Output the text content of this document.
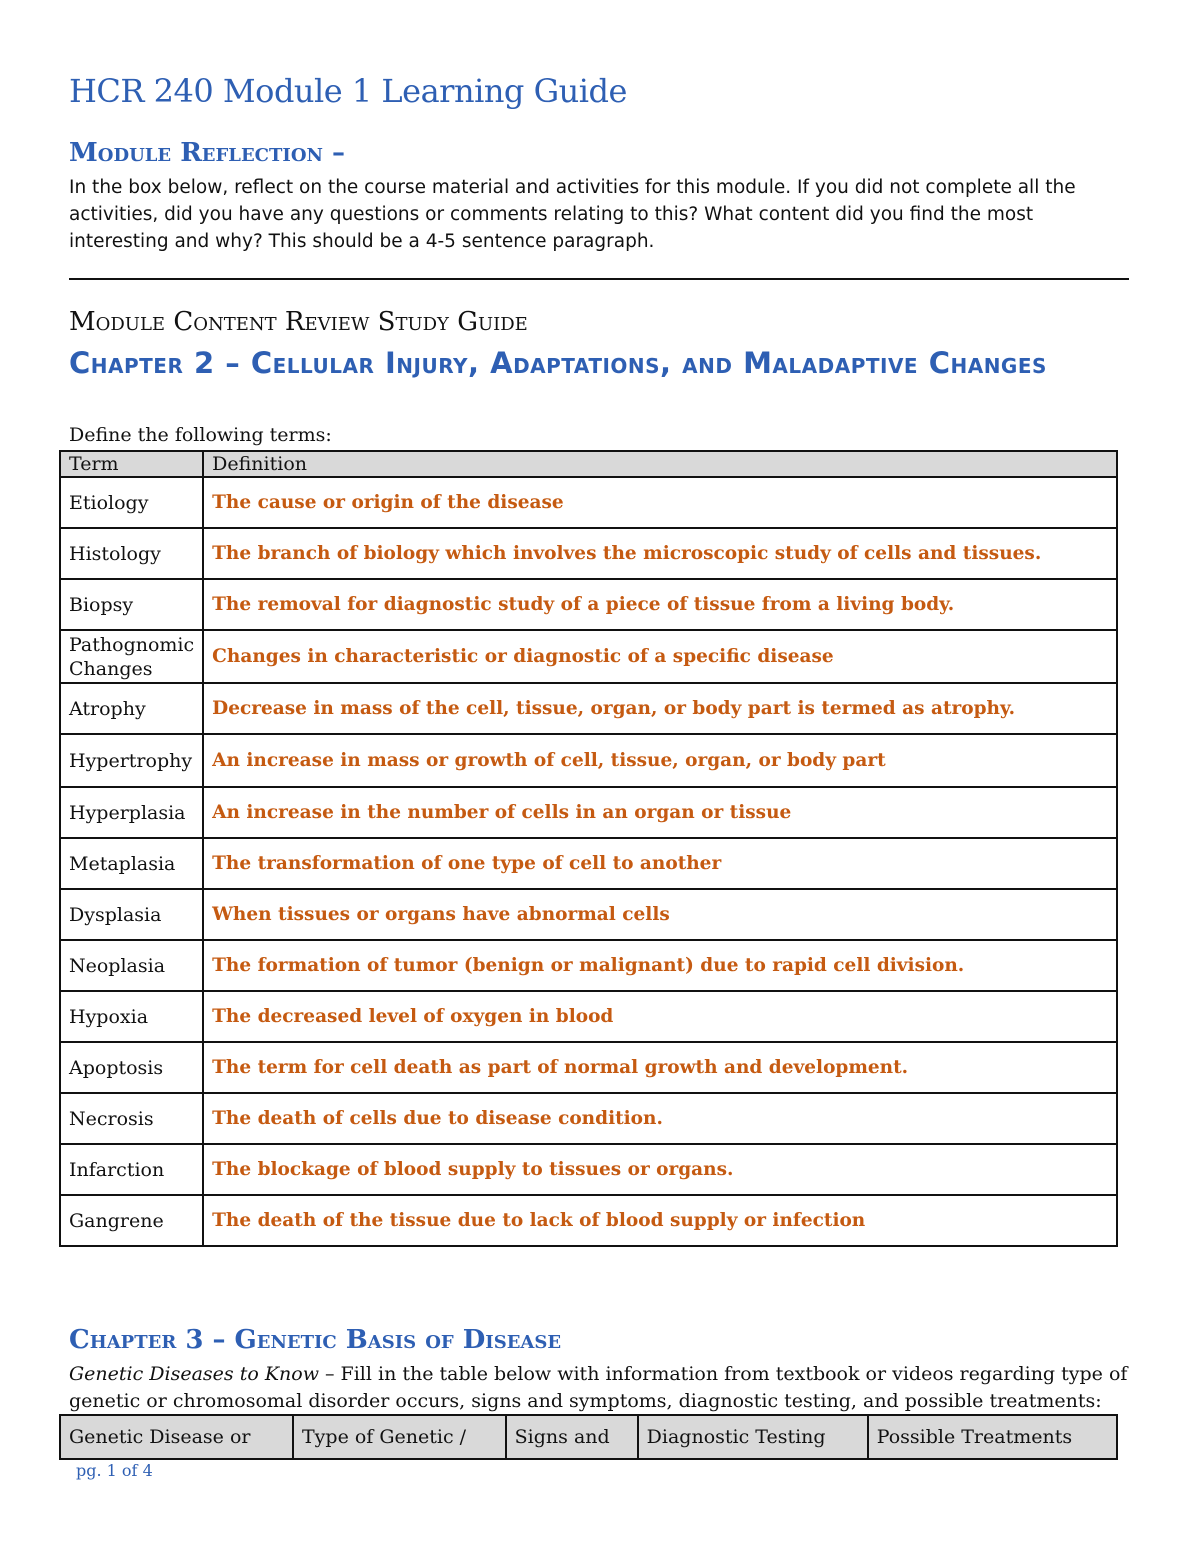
HCR 240 Module 1 Learning Guide
Module Reflection –
In the box below, reflect on the course material and activities for this module. If you did not complete all the activities, did you have any questions or comments relating to this? What content did you find the most interesting and why? This should be a 4-5 sentence paragraph.
Module Content Review Study Guide
Chapter 2 – Cellular Injury, Adaptations, and Maladaptive Changes
Define the following terms:
Term	Definition
Etiology	The cause or origin of the disease
Histology	The branch of biology which involves the microscopic study of cells and tissues.
Biopsy	The removal for diagnostic study of a piece of tissue from a living body.
Pathognomic Changes	Changes in characteristic or diagnostic of a specific disease
Atrophy	Decrease in mass of the cell, tissue, organ, or body part is termed as atrophy.
Hypertrophy	An increase in mass or growth of cell, tissue, organ, or body part
Hyperplasia	An increase in the number of cells in an organ or tissue
Metaplasia	The transformation of one type of cell to another
Dysplasia	When tissues or organs have abnormal cells
Neoplasia	The formation of tumor (benign or malignant) due to rapid cell division.
Hypoxia	The decreased level of oxygen in blood
Apoptosis	The term for cell death as part of normal growth and development.
Necrosis	The death of cells due to disease condition.
Infarction	The blockage of blood supply to tissues or organs.
Gangrene	The death of the tissue due to lack of blood supply or infection
Chapter 3 – Genetic Basis of Disease
Genetic Diseases to Know – Fill in the table below with information from textbook or videos regarding type of genetic or chromosomal disorder occurs, signs and symptoms, diagnostic testing, and possible treatments:
Genetic Disease or	Type of Genetic /	Signs and	Diagnostic Testing	Possible Treatments
pg. 1 of 4
